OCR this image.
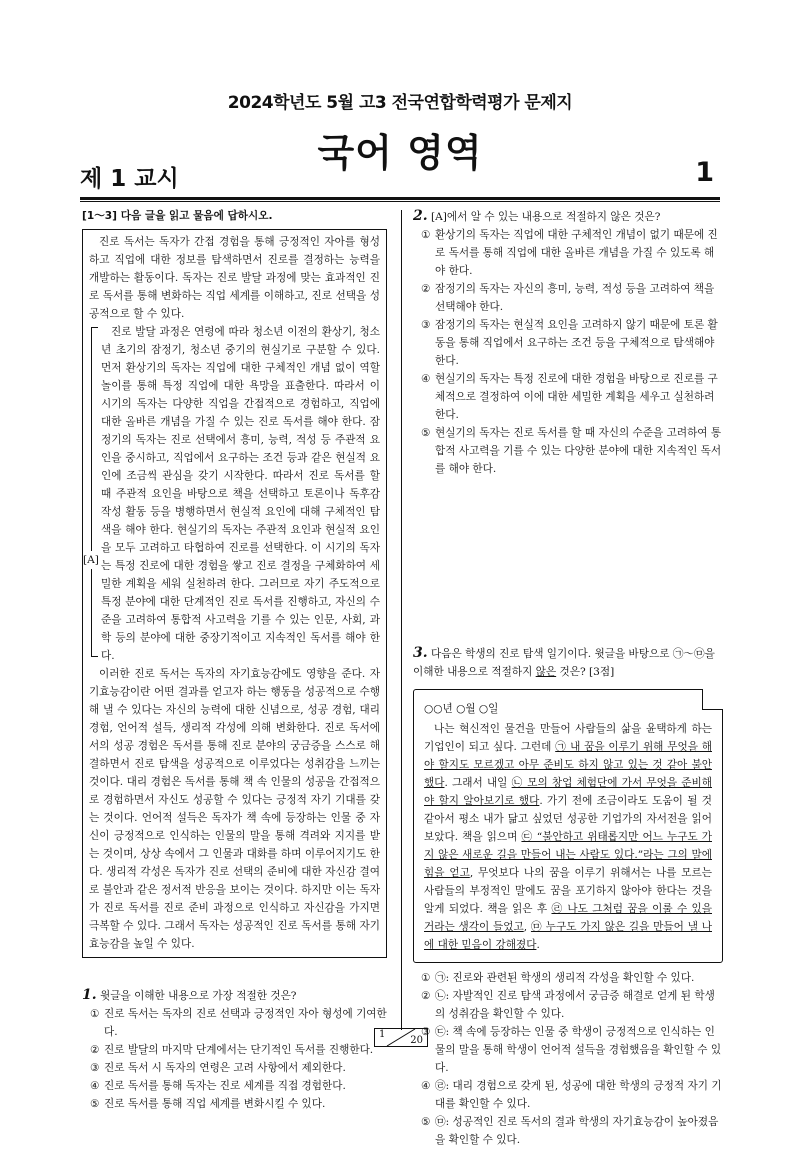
2024학년도 5월 고3 전국연합학력평가 문제지
국어 영역
제 1 교시	1
[1～3] 다음 글을 읽고 물음에 답하시오.

진로 독서는 독자가 간접 경험을 통해 긍정적인 자아를 형성하고 직업에 대한 정보를 탐색하면서 진로를 결정하는 능력을 개발하는 활동이다. 독자는 진로 발달 과정에 맞는 효과적인 진로 독서를 통해 변화하는 직업 세계를 이해하고, 진로 선택을 성공적으로 할 수 있다.

[A]

진로 발달 과정은 연령에 따라 청소년 이전의 환상기, 청소년 초기의 잠정기, 청소년 중기의 현실기로 구분할 수 있다. 먼저 환상기의 독자는 직업에 대한 구체적인 개념 없이 역할놀이를 통해 특정 직업에 대한 욕망을 표출한다. 따라서 이 시기의 독자는 다양한 직업을 간접적으로 경험하고, 직업에 대한 올바른 개념을 가질 수 있는 진로 독서를 해야 한다. 잠정기의 독자는 진로 선택에서 흥미, 능력, 적성 등 주관적 요인을 중시하고, 직업에서 요구하는 조건 등과 같은 현실적 요인에 조금씩 관심을 갖기 시작한다. 따라서 진로 독서를 할 때 주관적 요인을 바탕으로 책을 선택하고 토론이나 독후감 작성 활동 등을 병행하면서 현실적 요인에 대해 구체적인 탐색을 해야 한다. 현실기의 독자는 주관적 요인과 현실적 요인을 모두 고려하고 타협하여 진로를 선택한다. 이 시기의 독자는 특정 진로에 대한 경험을 쌓고 진로 결정을 구체화하여 세밀한 계획을 세워 실천하려 한다. 그러므로 자기 주도적으로 특정 분야에 대한 단계적인 진로 독서를 진행하고, 자신의 수준을 고려하여 통합적 사고력을 기를 수 있는 인문, 사회, 과학 등의 분야에 대한 중장기적이고 지속적인 독서를 해야 한다.

이러한 진로 독서는 독자의 자기효능감에도 영향을 준다. 자기효능감이란 어떤 결과를 얻고자 하는 행동을 성공적으로 수행해 낼 수 있다는 자신의 능력에 대한 신념으로, 성공 경험, 대리 경험, 언어적 설득, 생리적 각성에 의해 변화한다. 진로 독서에서의 성공 경험은 독서를 통해 진로 분야의 궁금증을 스스로 해결하면서 진로 탐색을 성공적으로 이루었다는 성취감을 느끼는 것이다. 대리 경험은 독서를 통해 책 속 인물의 성공을 간접적으로 경험하면서 자신도 성공할 수 있다는 긍정적 자기 기대를 갖는 것이다. 언어적 설득은 독자가 책 속에 등장하는 인물 중 자신이 긍정적으로 인식하는 인물의 말을 통해 격려와 지지를 받는 것이며, 상상 속에서 그 인물과 대화를 하며 이루어지기도 한다. 생리적 각성은 독자가 진로 선택의 준비에 대한 자신감 결여로 불안과 같은 정서적 반응을 보이는 것이다. 하지만 이는 독자가 진로 독서를 진로 준비 과정으로 인식하고 자신감을 가지면 극복할 수 있다. 그래서 독자는 성공적인 진로 독서를 통해 자기효능감을 높일 수 있다.

1. 윗글을 이해한 내용으로 가장 적절한 것은?

① 진로 독서는 독자의 진로 선택과 긍정적인 자아 형성에 기여한다.

② 진로 발달의 마지막 단계에서는 단기적인 독서를 진행한다.

③ 진로 독서 시 독자의 연령은 고려 사항에서 제외한다.

④ 진로 독서를 통해 독자는 진로 세계를 직접 경험한다.

⑤ 진로 독서를 통해 직업 세계를 변화시킬 수 있다.

2. [A]에서 알 수 있는 내용으로 적절하지 않은 것은?

① 환상기의 독자는 직업에 대한 구체적인 개념이 없기 때문에 진로 독서를 통해 직업에 대한 올바른 개념을 가질 수 있도록 해야 한다.

② 잠정기의 독자는 자신의 흥미, 능력, 적성 등을 고려하여 책을 선택해야 한다.

③ 잠정기의 독자는 현실적 요인을 고려하지 않기 때문에 토론 활동을 통해 직업에서 요구하는 조건 등을 구체적으로 탐색해야 한다.

④ 현실기의 독자는 특정 진로에 대한 경험을 바탕으로 진로를 구체적으로 결정하여 이에 대한 세밀한 계획을 세우고 실천하려 한다.

⑤ 현실기의 독자는 진로 독서를 할 때 자신의 수준을 고려하여 통합적 사고력을 기를 수 있는 다양한 분야에 대한 지속적인 독서를 해야 한다.

3. 다음은 학생의 진로 탐색 일기이다. 윗글을 바탕으로 ㉠～㉤을 이해한 내용으로 적절하지 않은 것은? [3점]

○○년 ○월 ○일

나는 혁신적인 물건을 만들어 사람들의 삶을 윤택하게 하는 기업인이 되고 싶다. 그런데 ㉠ 내 꿈을 이루기 위해 무엇을 해야 할지도 모르겠고 아무 준비도 하지 않고 있는 것 같아 불안했다. 그래서 내일 ㉡ 모의 창업 체험단에 가서 무엇을 준비해야 할지 알아보기로 했다. 가기 전에 조금이라도 도움이 될 것 같아서 평소 내가 닮고 싶었던 성공한 기업가의 자서전을 읽어 보았다. 책을 읽으며 ㉢ “불안하고 위태롭지만 어느 누구도 가지 않은 새로운 길을 만들어 내는 사람도 있다.”라는 그의 말에 힘을 얻고, 무엇보다 나의 꿈을 이루기 위해서는 나를 모르는 사람들의 부정적인 말에도 꿈을 포기하지 않아야 한다는 것을 알게 되었다. 책을 읽은 후 ㉣ 나도 그처럼 꿈을 이룰 수 있을 거라는 생각이 들었고, ㉤ 누구도 가지 않은 길을 만들어 낼 나에 대한 믿음이 강해졌다.

① ㉠: 진로와 관련된 학생의 생리적 각성을 확인할 수 있다.

② ㉡: 자발적인 진로 탐색 과정에서 궁금증 해결로 얻게 된 학생의 성취감을 확인할 수 있다.

③ ㉢: 책 속에 등장하는 인물 중 학생이 긍정적으로 인식하는 인물의 말을 통해 학생이 언어적 설득을 경험했음을 확인할 수 있다.

④ ㉣: 대리 경험으로 갖게 된, 성공에 대한 학생의 긍정적 자기 기대를 확인할 수 있다.

⑤ ㉤: 성공적인 진로 독서의 결과 학생의 자기효능감이 높아졌음을 확인할 수 있다.

1
20
